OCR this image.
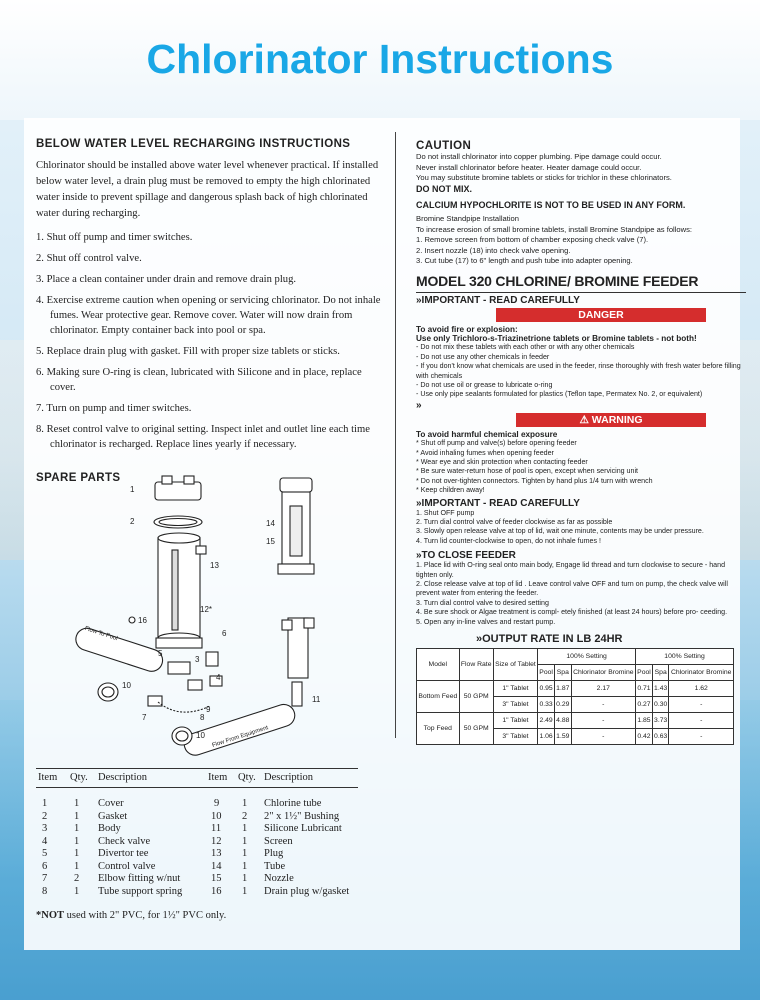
Chlorinator Instructions
BELOW WATER LEVEL RECHARGING INSTRUCTIONS

Chlorinator should be installed above water level whenever practical. If installed below water level, a drain plug must be removed to empty the high chlorinated water inside to prevent spillage and dangerous splash back of high chlorinated water during recharging.

1. Shut off pump and timer switches.
2. Shut off control valve.
3. Place a clean container under drain and remove drain plug.
4. Exercise extreme caution when opening or servicing chlorinator. Do not inhale fumes. Wear protective gear. Remove cover. Water will now drain from chlorinator. Empty container back into pool or spa.
5. Replace drain plug with gasket. Fill with proper size tablets or sticks.
6. Making sure O-ring is clean, lubricated with Silicone and in place, replace cover.
7. Turn on pump and timer switches.
8. Reset control valve to original setting. Inspect inlet and outlet line each time chlorinator is recharged. Replace lines yearly if necessary.
SPARE PARTS
1
2
13
12*
16
6
5
3
4
7	8
9
10
10
14
15
11
Flow To Pool
Flow From Equipment
Item Qty. Description	Item Qty. Description
1	1 Cover	9 1 Chlorine tube
2	1 Gasket	10 2 2" x 1½" Bushing
3	1 Body	11 1 Silicone Lubricant
4	1 Check valve	12 1 Screen
5	1 Divertor tee	13 1 Plug
6	1 Control valve	14 1 Tube
7	2 Elbow fitting w/nut	15 1 Nozzle
8	1 Tube support spring	16 1 Drain plug w/gasket
*NOT used with 2" PVC, for 1½" PVC only.
CAUTION
Do not install chlorinator into copper plumbing. Pipe damage could occur.
Never install chlorinator before heater. Heater damage could occur.
You may substitute bromine tablets or sticks for trichlor in these chlorinators.
DO NOT MIX.
CALCIUM HYPOCHLORITE IS NOT TO BE USED IN ANY FORM.
Bromine Standpipe Installation
To increase erosion of small bromine tablets, install Bromine Standpipe as follows:
1. Remove screen from bottom of chamber exposing check valve (7).
2. Insert nozzle (18) into check valve opening.
3. Cut tube (17) to 6" length and push tube into adapter opening.
MODEL 320 CHLORINE/ BROMINE FEEDER
»IMPORTANT - READ CAREFULLY
DANGER
To avoid fire or explosion:
Use only Trichloro-s-Triazinetrione tablets or Bromine tablets - not both!
- Do not mix these tablets with each other or with any other chemicals
- Do not use any other chemicals in feeder
- If you don't know what chemicals are used in the feeder, rinse thoroughly with fresh water before filling with chemicals
- Do not use oil or grease to lubricate o-ring
- Use only pipe sealants formulated for plastics (Teflon tape, Permatex No. 2, or equivalent)
»
⚠ WARNING
To avoid harmful chemical exposure
* Shut off pump and valve(s) before opening feeder
* Avoid inhaling fumes when opening feeder
* Wear eye and skin protection when contacting feeder
* Be sure water-return hose of pool is open, except when servicing unit
* Do not over-tighten connectors. Tighten by hand plus 1/4 turn with wrench
* Keep children away!
»IMPORTANT - READ CAREFULLY
1. Shut OFF pump
2. Turn dial control valve of feeder clockwise as far as possible
3. Slowly open release valve at top of lid, wait one minute, contents may be under pressure.
4. Turn lid counter-clockwise to open, do not inhale fumes !
»TO CLOSE FEEDER
1. Place lid with O-ring seal onto main body, Engage lid thread and turn clockwise to secure - hand tighten only.
2. Close release valve at top of lid . Leave control valve OFF and turn on pump, the check valve will prevent water from entering the feeder.
3. Turn dial control valve to desired setting
4. Be sure shock or Algae treatment is compl- etely finished (at least 24 hours) before pro- ceeding.
5. Open any in-line valves and restart pump.
»OUTPUT RATE IN LB 24HR
Model	Flow Rate	Size of Tablet	100% Setting			100% Setting		
			Pool	Spa	Chlorinator Bromine	Pool	Spa	Chlorinator Bromine
Bottom Feed	50 GPM	1" Tablet	0.95	1.87	2.17	0.71	1.43	1.62
		3" Tablet	0.33	0.29	-	0.27	0.30	-
Top Feed	50 GPM	1" Tablet	2.49	4.88	-	1.85	3.73	-
		3" Tablet	1.06	1.59	-	0.42	0.63	-
